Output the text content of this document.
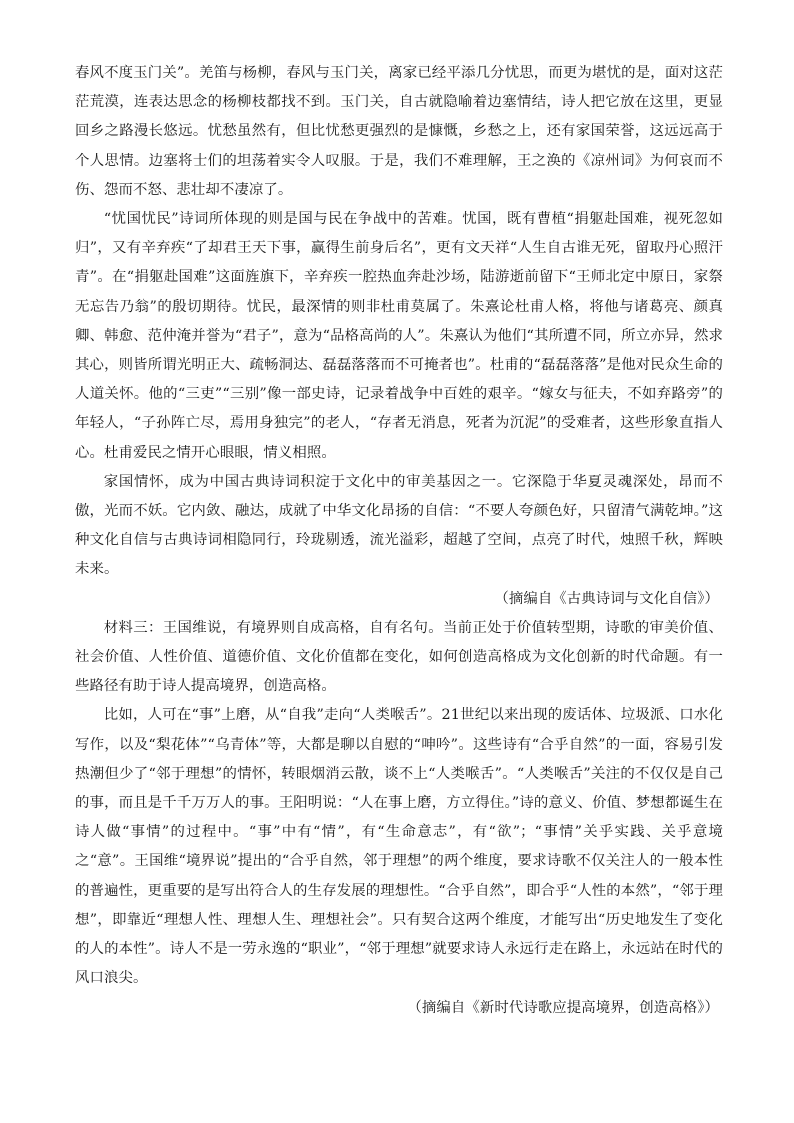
春风不度玉门关”。羌笛与杨柳，春风与玉门关，离家已经平添几分忧思，而更为堪忧的是，面对这茫茫荒漠，连表达思念的杨柳枝都找不到。玉门关，自古就隐喻着边塞情结，诗人把它放在这里，更显回乡之路漫长悠远。忧愁虽然有，但比忧愁更强烈的是慷慨，乡愁之上，还有家国荣誉，这远远高于个人思情。边塞将士们的坦荡着实令人叹服。于是，我们不难理解，王之涣的《凉州词》为何哀而不伤、怨而不怒、悲壮却不凄凉了。

“忧国忧民”诗词所体现的则是国与民在争战中的苦难。忧国，既有曹植“捐躯赴国难，视死忽如归”，又有辛弃疾“了却君王天下事，赢得生前身后名”，更有文天祥“人生自古谁无死，留取丹心照汗青”。在“捐躯赴国难”这面旌旗下，辛弃疾一腔热血奔赴沙场，陆游逝前留下“王师北定中原日，家祭无忘告乃翁”的殷切期待。忧民，最深情的则非杜甫莫属了。朱熹论杜甫人格，将他与诸葛亮、颜真卿、韩愈、范仲淹并誉为“君子”，意为“品格高尚的人”。朱熹认为他们“其所遭不同，所立亦异，然求其心，则皆所谓光明正大、疏畅洞达、磊磊落落而不可掩者也”。杜甫的“磊磊落落”是他对民众生命的人道关怀。他的“三吏”“三别”像一部史诗，记录着战争中百姓的艰辛。“嫁女与征夫，不如弃路旁”的年轻人，“子孙阵亡尽，焉用身独完”的老人，“存者无消息，死者为沉泥”的受难者，这些形象直指人心。杜甫爱民之情开心眼眼，情义相照。

家国情怀，成为中国古典诗词积淀于文化中的审美基因之一。它深隐于华夏灵魂深处，昂而不傲，光而不妖。它内敛、融达，成就了中华文化昂扬的自信：“不要人夸颜色好，只留清气满乾坤。”这种文化自信与古典诗词相隐同行，玲珑剔透，流光溢彩，超越了空间，点亮了时代，烛照千秋，辉映未来。

（摘编自《古典诗词与文化自信》）

材料三：王国维说，有境界则自成高格，自有名句。当前正处于价值转型期，诗歌的审美价值、社会价值、人性价值、道德价值、文化价值都在变化，如何创造高格成为文化创新的时代命题。有一些路径有助于诗人提高境界，创造高格。

比如，人可在“事”上磨，从“自我”走向“人类喉舌”。21世纪以来出现的废话体、垃圾派、口水化写作，以及“梨花体”“乌青体”等，大都是聊以自慰的“呻吟”。这些诗有“合乎自然”的一面，容易引发热潮但少了“邻于理想”的情怀，转眼烟消云散，谈不上“人类喉舌”。“人类喉舌”关注的不仅仅是自己的事，而且是千千万万人的事。王阳明说：“人在事上磨，方立得住。”诗的意义、价值、梦想都诞生在诗人做“事情”的过程中。“事”中有“情”，有“生命意志”，有“欲”；“事情”关乎实践、关乎意境之“意”。王国维“境界说”提出的“合乎自然，邻于理想”的两个维度，要求诗歌不仅关注人的一般本性的普遍性，更重要的是写出符合人的生存发展的理想性。“合乎自然”，即合乎“人性的本然”，“邻于理想”，即靠近“理想人性、理想人生、理想社会”。只有契合这两个维度，才能写出“历史地发生了变化的人的本性”。诗人不是一劳永逸的“职业”，“邻于理想”就要求诗人永远行走在路上，永远站在时代的风口浪尖。

（摘编自《新时代诗歌应提高境界，创造高格》）
